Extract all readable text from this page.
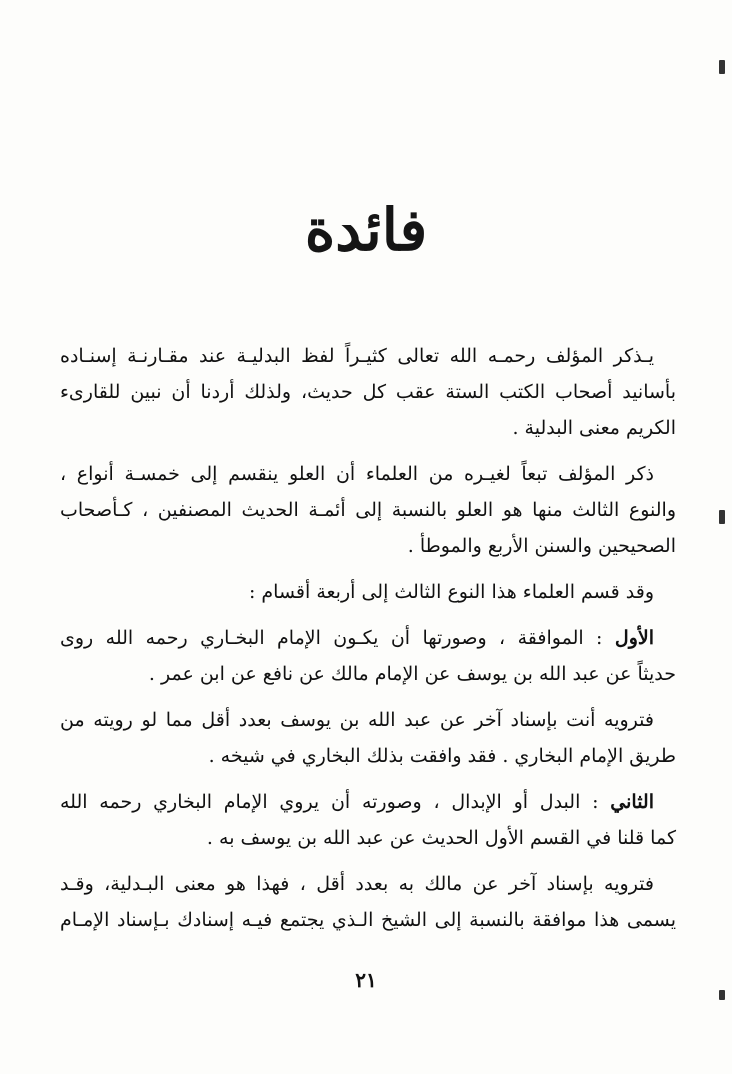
فائدة

يـذكر المؤلف رحمـه الله تعالى كثيـراً لفظ البدليـة عند مقـارنـة إسنـاده
بأسانيد أصحاب الكتب الستة عقب كل حديث، ولذلك أردنا أن نبين للقارىء
الكريم معنى البدلية .

ذكر المؤلف تبعاً لغيـره من العلماء أن العلو ينقسم إلى خمسـة أنواع ،
والنوع الثالث منها هو العلو بالنسبة إلى أئمـة الحديث المصنفين ، كـأصحاب
الصحيحين والسنن الأربع والموطأ .

وقد قسم العلماء هذا النوع الثالث إلى أربعة أقسام :

الأول : الموافقة ، وصورتها أن يكـون الإمام البخـاري رحمه الله روى
حديثاً عن عبد الله بن يوسف عن الإمام مالك عن نافع عن ابن عمر .

فترويه أنت بإسناد آخر عن عبد الله بن يوسف بعدد أقل مما لو رويته من
طريق الإمام البخاري . فقد وافقت بذلك البخاري في شيخه .

الثاني : البدل أو الإبدال ، وصورته أن يروي الإمام البخاري رحمه الله
كما قلنا في القسم الأول الحديث عن عبد الله بن يوسف به .

فترويه بإسناد آخر عن مالك به بعدد أقل ، فهذا هو معنى البـدلية، وقـد
يسمى هذا موافقة بالنسبة إلى الشيخ الـذي يجتمع فيـه إسنادك بـإسناد الإمـام

٢١
